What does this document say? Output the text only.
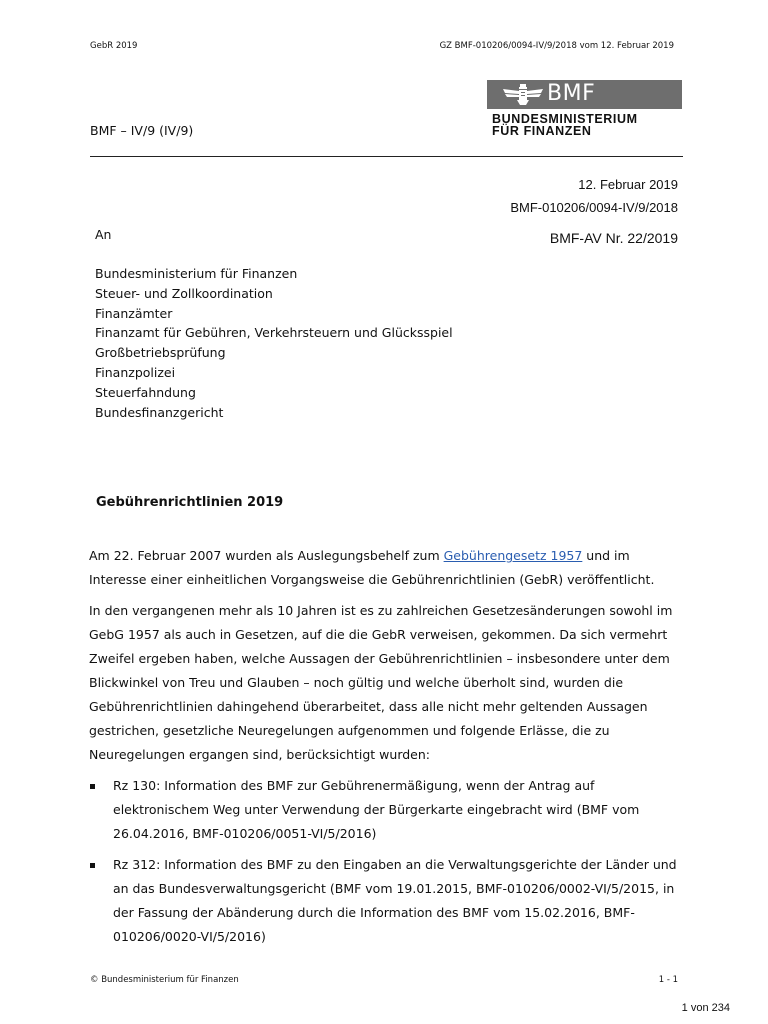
GebR 2019	GZ BMF-010206/0094-IV/9/2018 vom 12. Februar 2019
BMF
BUNDESMINISTERIUM
FÜR FINANZEN
BMF – IV/9 (IV/9)
12. Februar 2019
BMF-010206/0094-IV/9/2018
BMF-AV Nr. 22/2019
An
Bundesministerium für Finanzen
Steuer- und Zollkoordination
Finanzämter
Finanzamt für Gebühren, Verkehrsteuern und Glücksspiel
Großbetriebsprüfung
Finanzpolizei
Steuerfahndung
Bundesfinanzgericht
Gebührenrichtlinien 2019

Am 22. Februar 2007 wurden als Auslegungsbehelf zum Gebührengesetz 1957 und im Interesse einer einheitlichen Vorgangsweise die Gebührenrichtlinien (GebR) veröffentlicht.

In den vergangenen mehr als 10 Jahren ist es zu zahlreichen Gesetzesänderungen sowohl im GebG 1957 als auch in Gesetzen, auf die die GebR verweisen, gekommen. Da sich vermehrt Zweifel ergeben haben, welche Aussagen der Gebührenrichtlinien – insbesondere unter dem Blickwinkel von Treu und Glauben – noch gültig und welche überholt sind, wurden die Gebührenrichtlinien dahingehend überarbeitet, dass alle nicht mehr geltenden Aussagen gestrichen, gesetzliche Neuregelungen aufgenommen und folgende Erlässe, die zu Neuregelungen ergangen sind, berücksichtigt wurden:

Rz 130: Information des BMF zur Gebührenermäßigung, wenn der Antrag auf elektronischem Weg unter Verwendung der Bürgerkarte eingebracht wird (BMF vom 26.04.2016, BMF-010206/0051-VI/5/2016)
Rz 312: Information des BMF zu den Eingaben an die Verwaltungsgerichte der Länder und an das Bundesverwaltungsgericht (BMF vom 19.01.2015, BMF-010206/0002-VI/5/2015, in der Fassung der Abänderung durch die Information des BMF vom 15.02.2016, BMF-010206/0020-VI/5/2016)
© Bundesministerium für Finanzen	1 - 1
1 von 234
